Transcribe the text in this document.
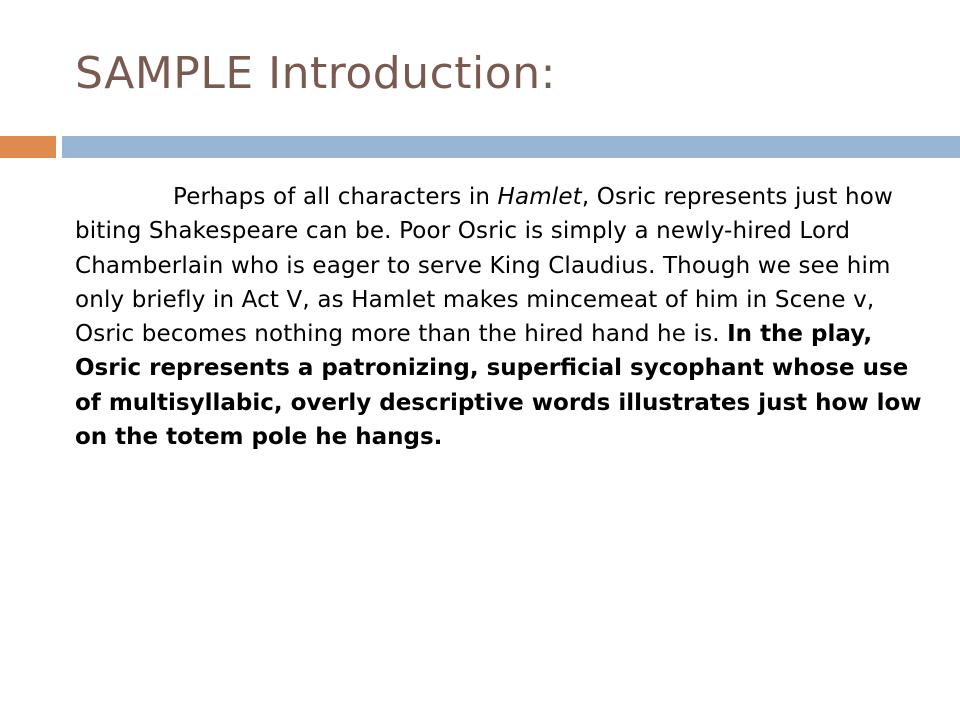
SAMPLE Introduction:

Perhaps of all characters in Hamlet, Osric represents just how biting Shakespeare can be. Poor Osric is simply a newly-hired Lord Chamberlain who is eager to serve King Claudius. Though we see him only briefly in Act V, as Hamlet makes mincemeat of him in Scene v, Osric becomes nothing more than the hired hand he is. In the play, Osric represents a patronizing, superficial sycophant whose use of multisyllabic, overly descriptive words illustrates just how low on the totem pole he hangs.
